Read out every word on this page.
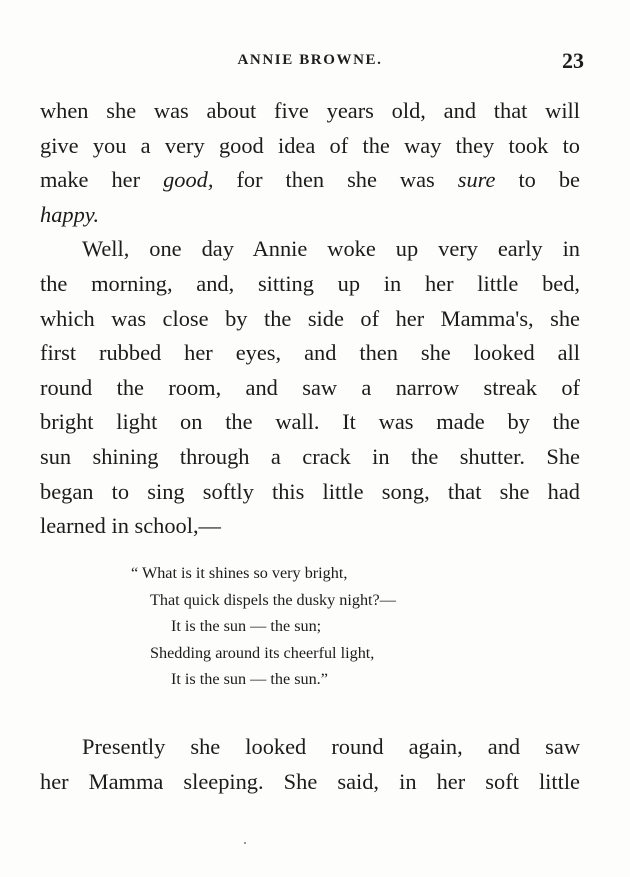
ANNIE BROWNE.	23

when she was about five years old, and that will
give you a very good idea of the way they took to
make her good, for then she was sure to be
happy.

Well, one day Annie woke up very early in
the morning, and, sitting up in her little bed,
which was close by the side of her Mamma's, she
first rubbed her eyes, and then she looked all
round the room, and saw a narrow streak of
bright light on the wall. It was made by the
sun shining through a crack in the shutter. She
began to sing softly this little song, that she had
learned in school,—

“ What is it shines so very bright,
That quick dispels the dusky night?—
It is the sun — the sun;
Shedding around its cheerful light,
It is the sun — the sun.”
Presently she looked round again, and saw
her Mamma sleeping. She said, in her soft little
